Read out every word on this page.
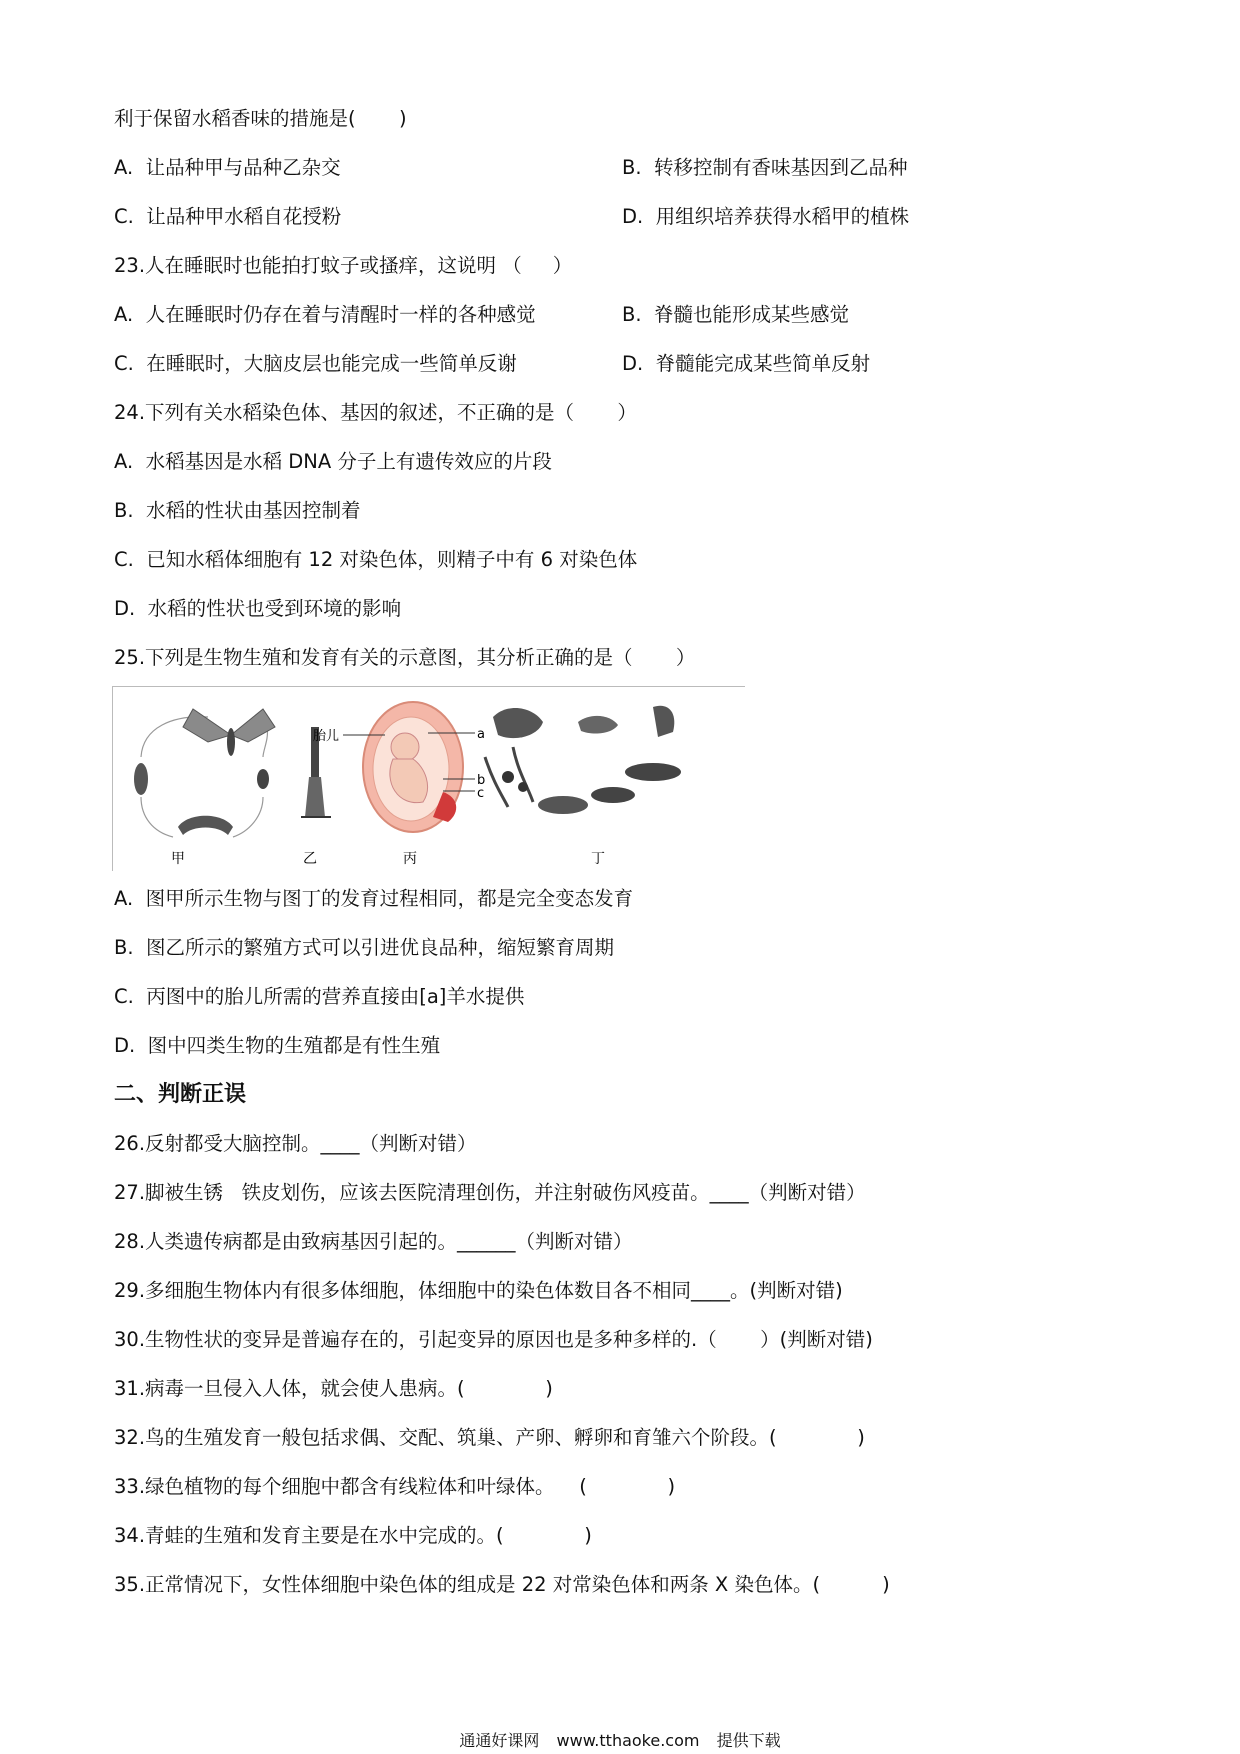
利于保留水稻香味的措施是(       )
A.  让品种甲与品种乙杂交	B.  转移控制有香味基因到乙品种
C.  让品种甲水稻自花授粉	D.  用组织培养获得水稻甲的植株
23.人在睡眠时也能拍打蚊子或搔痒，这说明 （     ）
A.  人在睡眠时仍存在着与清醒时一样的各种感觉	B.  脊髓也能形成某些感觉
C.  在睡眠时，大脑皮层也能完成一些简单反谢	D.  脊髓能完成某些简单反射
24.下列有关水稻染色体、基因的叙述，不正确的是（       ）
A.  水稻基因是水稻 DNA 分子上有遗传效应的片段
B.  水稻的性状由基因控制着
C.  已知水稻体细胞有 12 对染色体，则精子中有 6 对染色体
D.  水稻的性状也受到环境的影响
25.下列是生物生殖和发育有关的示意图，其分析正确的是（       ）
甲	乙	丙	丁
胎儿	a
b
c
A.  图甲所示生物与图丁的发育过程相同，都是完全变态发育
B.  图乙所示的繁殖方式可以引进优良品种，缩短繁育周期
C.  丙图中的胎儿所需的营养直接由[a]羊水提供
D.  图中四类生物的生殖都是有性生殖
二、判断正误
26.反射都受大脑控制。____（判断对错）
27.脚被生锈   铁皮划伤，应该去医院清理创伤，并注射破伤风疫苗。____（判断对错）
28.人类遗传病都是由致病基因引起的。______（判断对错）
29.多细胞生物体内有很多体细胞，体细胞中的染色体数目各不相同____。(判断对错)
30.生物性状的变异是普遍存在的，引起变异的原因也是多种多样的.（       ）(判断对错)
31.病毒一旦侵入人体，就会使人患病。(             )
32.鸟的生殖发育一般包括求偶、交配、筑巢、产卵、孵卵和育雏六个阶段。(             )
33.绿色植物的每个细胞中都含有线粒体和叶绿体。    (             )
34.青蛙的生殖和发育主要是在水中完成的。(             )
35.正常情况下，女性体细胞中染色体的组成是 22 对常染色体和两条 X 染色体。(          )
通通好课网 www.tthaoke.com 提供下载
